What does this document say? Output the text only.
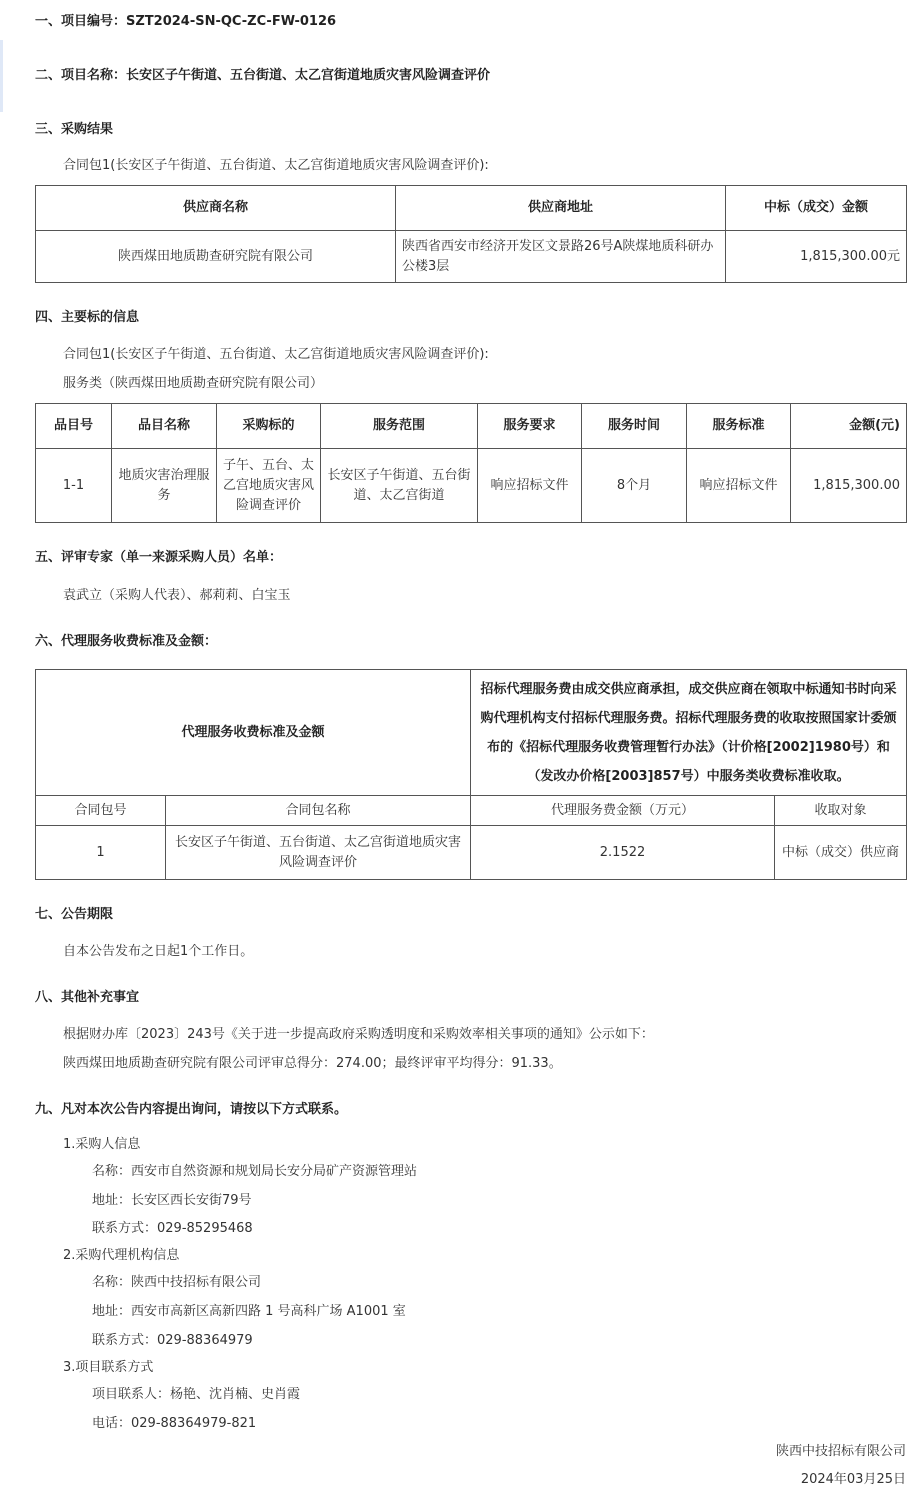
一、项目编号：SZT2024-SN-QC-ZC-FW-0126
二、项目名称：长安区子午街道、五台街道、太乙宫街道地质灾害风险调查评价
三、采购结果
合同包1(长安区子午街道、五台街道、太乙宫街道地质灾害风险调查评价):
供应商名称	供应商地址	中标（成交）金额
陕西煤田地质勘查研究院有限公司	陕西省西安市经济开发区文景路26号A陕煤地质科研办公楼3层	1,815,300.00元
四、主要标的信息
合同包1(长安区子午街道、五台街道、太乙宫街道地质灾害风险调查评价):
服务类（陕西煤田地质勘查研究院有限公司）
品目号	品目名称	采购标的	服务范围	服务要求	服务时间	服务标准	金额(元)
1-1	地质灾害治理服务	子午、五台、太乙宫地质灾害风险调查评价	长安区子午街道、五台街道、太乙宫街道	响应招标文件	8个月	响应招标文件	1,815,300.00
五、评审专家（单一来源采购人员）名单：
袁武立（采购人代表）、郝莉莉、白宝玉
六、代理服务收费标准及金额：
代理服务收费标准及金额		招标代理服务费由成交供应商承担，成交供应商在领取中标通知书时向采购代理机构支付招标代理服务费。招标代理服务费的收取按照国家计委颁布的《招标代理服务收费管理暂行办法》（计价格[2002]1980号）和（发改办价格[2003]857号）中服务类收费标准收取。	
合同包号	合同包名称	代理服务费金额（万元）	收取对象
1	长安区子午街道、五台街道、太乙宫街道地质灾害风险调查评价	2.1522	中标（成交）供应商
七、公告期限
自本公告发布之日起1个工作日。
八、其他补充事宜
根据财办库〔2023〕243号《关于进一步提高政府采购透明度和采购效率相关事项的通知》公示如下：
陕西煤田地质勘查研究院有限公司评审总得分：274.00；最终评审平均得分：91.33。
九、凡对本次公告内容提出询问，请按以下方式联系。
1.采购人信息
名称：西安市自然资源和规划局长安分局矿产资源管理站
地址：长安区西长安街79号
联系方式：029-85295468
2.采购代理机构信息
名称：陕西中技招标有限公司
地址：西安市高新区高新四路 1 号高科广场 A1001 室
联系方式：029-88364979
3.项目联系方式
项目联系人：杨艳、沈肖楠、史肖霞
电话：029-88364979-821
陕西中技招标有限公司
2024年03月25日
